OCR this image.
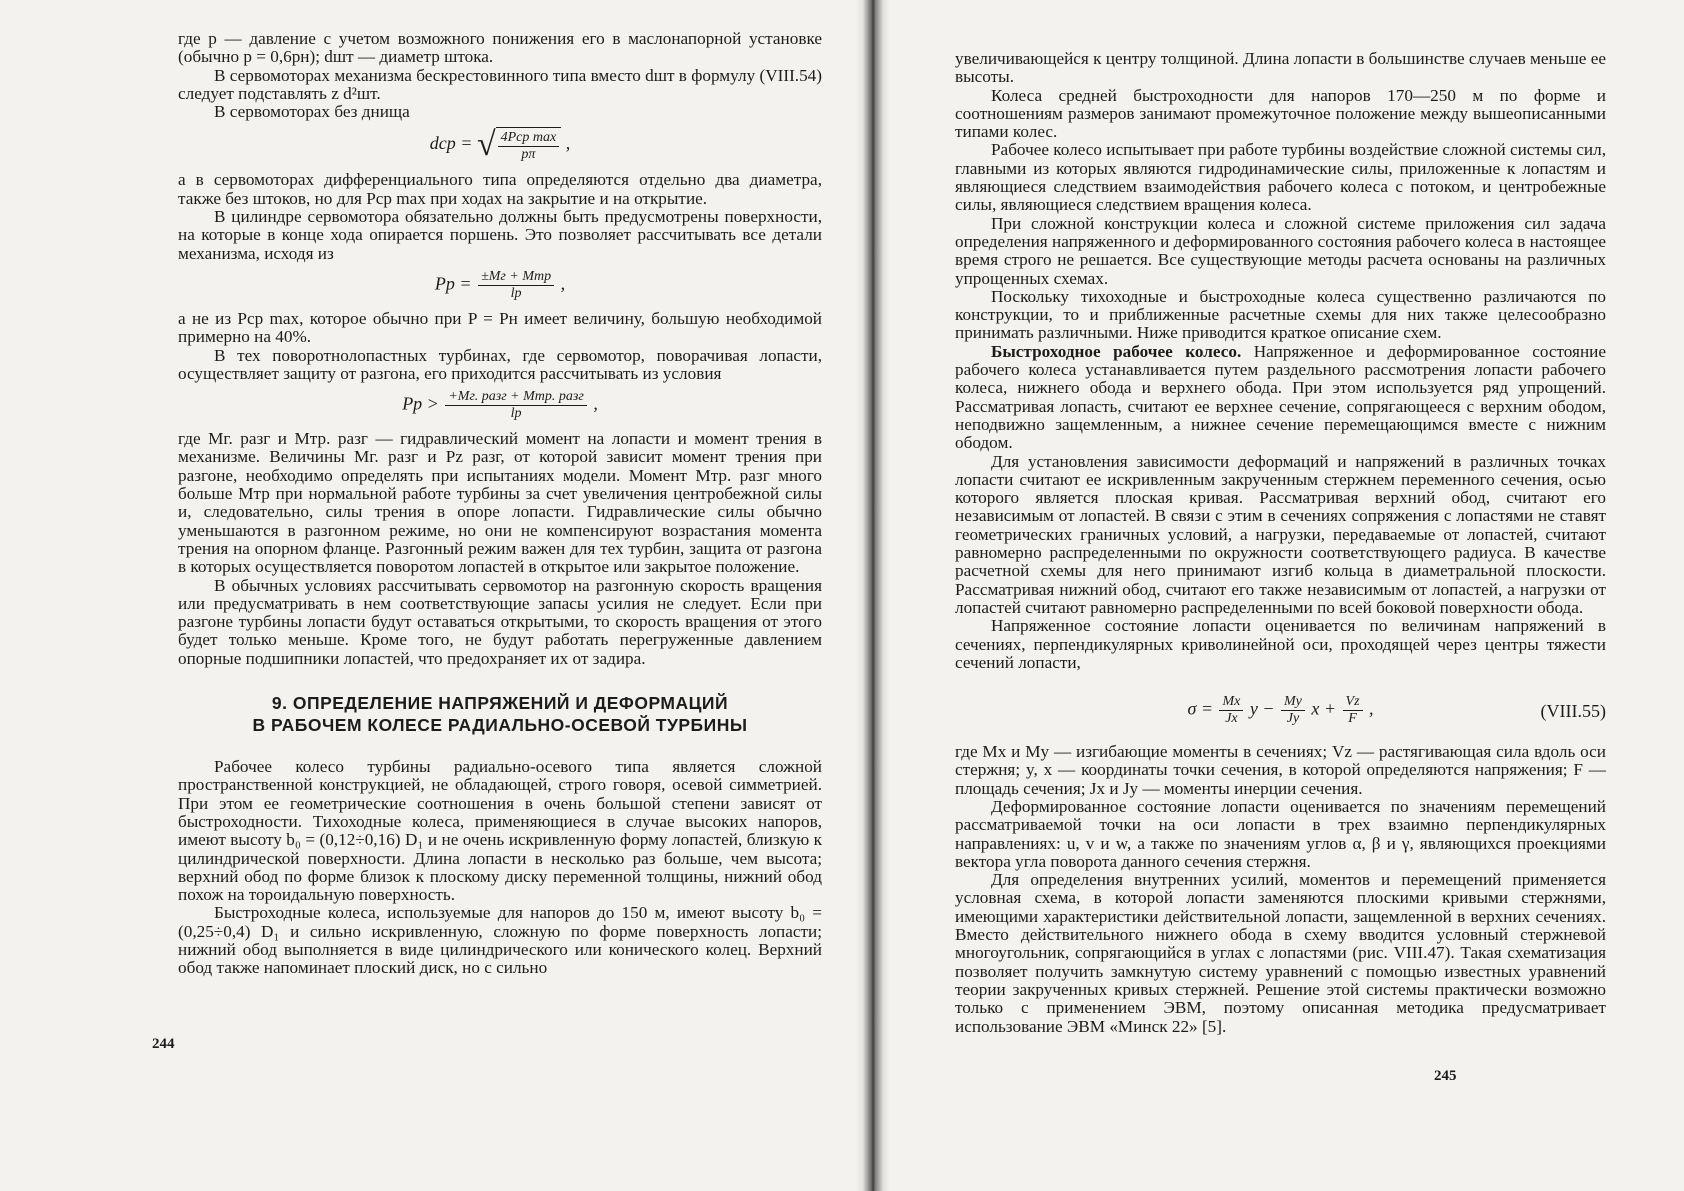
где p — давление с учетом возможного понижения его в маслонапорной установке (обычно p = 0,6pн); dшт — диаметр штока.

В сервомоторах механизма бескрестовинного типа вместо dшт в формулу (VIII.54) следует подставлять z d²шт.

В сервомоторах без днища

dср = √ $\frac{\text{4Pср max}}{p\pi}$ ,

а в сервомоторах дифференциального типа определяются отдельно два диаметра, также без штоков, но для Pср max при ходах на закрытие и на открытие.

В цилиндре сервомотора обязательно должны быть предусмотрены поверхности, на которые в конце хода опирается поршень. Это позволяет рассчитывать все детали механизма, исходя из

Pр = $\frac{\text{±Mг + Mтр}}{lр}$ ,

а не из Pср max, которое обычно при P = Pн имеет величину, большую необходимой примерно на 40%.

В тех поворотнолопастных турбинах, где сервомотор, поворачивая лопасти, осуществляет защиту от разгона, его приходится рассчитывать из условия

Pр > $\frac{\text{+Mг. разг + Mтр. разг}}{lр}$ ,

где Mг. разг и Mтр. разг — гидравлический момент на лопасти и момент трения в механизме. Величины Mг. разг и Pz разг, от которой зависит момент трения при разгоне, необходимо определять при испытаниях модели. Момент Mтр. разг много больше Mтр при нормальной работе турбины за счет увеличения центробежной силы и, следовательно, силы трения в опоре лопасти. Гидравлические силы обычно уменьшаются в разгонном режиме, но они не компенсируют возрастания момента трения на опорном фланце. Разгонный режим важен для тех турбин, защита от разгона в которых осуществляется поворотом лопастей в открытое или закрытое положение.

В обычных условиях рассчитывать сервомотор на разгонную скорость вращения или предусматривать в нем соответствующие запасы усилия не следует. Если при разгоне турбины лопасти будут оставаться открытыми, то скорость вращения от этого будет только меньше. Кроме того, не будут работать перегруженные давлением опорные подшипники лопастей, что предохраняет их от задира.

9. ОПРЕДЕЛЕНИЕ НАПРЯЖЕНИЙ И ДЕФОРМАЦИЙ
В РАБОЧЕМ КОЛЕСЕ РАДИАЛЬНО-ОСЕВОЙ ТУРБИНЫ

Рабочее колесо турбины радиально-осевого типа является сложной пространственной конструкцией, не обладающей, строго говоря, осевой симметрией. При этом ее геометрические соотношения в очень большой степени зависят от быстроходности. Тихоходные колеса, применяющиеся в случае высоких напоров, имеют высоту b₀ = (0,12÷0,16) D₁ и не очень искривленную форму лопастей, близкую к цилиндрической поверхности. Длина лопасти в несколько раз больше, чем высота; верхний обод по форме близок к плоскому диску переменной толщины, нижний обод похож на тороидальную поверхность.

Быстроходные колеса, используемые для напоров до 150 м, имеют высоту b₀ = (0,25÷0,4) D₁ и сильно искривленную, сложную по форме поверхность лопасти; нижний обод выполняется в виде цилиндрического или конического колец. Верхний обод также напоминает плоский диск, но с сильно

244

увеличивающейся к центру толщиной. Длина лопасти в большинстве случаев меньше ее высоты.

Колеса средней быстроходности для напоров 170—250 м по форме и соотношениям размеров занимают промежуточное положение между вышеописанными типами колес.

Рабочее колесо испытывает при работе турбины воздействие сложной системы сил, главными из которых являются гидродинамические силы, приложенные к лопастям и являющиеся следствием взаимодействия рабочего колеса с потоком, и центробежные силы, являющиеся следствием вращения колеса.

При сложной конструкции колеса и сложной системе приложения сил задача определения напряженного и деформированного состояния рабочего колеса в настоящее время строго не решается. Все существующие методы расчета основаны на различных упрощенных схемах.

Поскольку тихоходные и быстроходные колеса существенно различаются по конструкции, то и приближенные расчетные схемы для них также целесообразно принимать различными. Ниже приводится краткое описание схем.

Быстроходное рабочее колесо. Напряженное и деформированное состояние рабочего колеса устанавливается путем раздельного рассмотрения лопасти рабочего колеса, нижнего обода и верхнего обода. При этом используется ряд упрощений. Рассматривая лопасть, считают ее верхнее сечение, сопрягающееся с верхним ободом, неподвижно защемленным, а нижнее сечение перемещающимся вместе с нижним ободом.

Для установления зависимости деформаций и напряжений в различных точках лопасти считают ее искривленным закрученным стержнем переменного сечения, осью которого является плоская кривая. Рассматривая верхний обод, считают его независимым от лопастей. В связи с этим в сечениях сопряжения с лопастями не ставят геометрических граничных условий, а нагрузки, передаваемые от лопастей, считают равномерно распределенными по окружности соответствующего радиуса. В качестве расчетной схемы для него принимают изгиб кольца в диаметральной плоскости. Рассматривая нижний обод, считают его также независимым от лопастей, а нагрузки от лопастей считают равномерно распределенными по всей боковой поверхности обода.

Напряженное состояние лопасти оценивается по величинам напряжений в сечениях, перпендикулярных криволинейной оси, проходящей через центры тяжести сечений лопасти,

$\sigma = \frac{Mx}{Jx}$ $y - \frac{My}{Jy}$ $x + \frac{Vz}{F}$ ,	(VIII.55)

где Mx и My — изгибающие моменты в сечениях; Vz — растягивающая сила вдоль оси стержня; y, x — координаты точки сечения, в которой определяются напряжения; F — площадь сечения; Jx и Jy — моменты инерции сечения.

Деформированное состояние лопасти оценивается по значениям перемещений рассматриваемой точки на оси лопасти в трех взаимно перпендикулярных направлениях: u, v и w, а также по значениям углов α, β и γ, являющихся проекциями вектора угла поворота данного сечения стержня.

Для определения внутренних усилий, моментов и перемещений применяется условная схема, в которой лопасти заменяются плоскими кривыми стержнями, имеющими характеристики действительной лопасти, защемленной в верхних сечениях. Вместо действительного нижнего обода в схему вводится условный стержневой многоугольник, сопрягающийся в углах с лопастями (рис. VIII.47). Такая схематизация позволяет получить замкнутую систему уравнений с помощью известных уравнений теории закрученных кривых стержней. Решение этой системы практически возможно только с применением ЭВМ, поэтому описанная методика предусматривает использование ЭВМ «Минск 22» [5].

245
